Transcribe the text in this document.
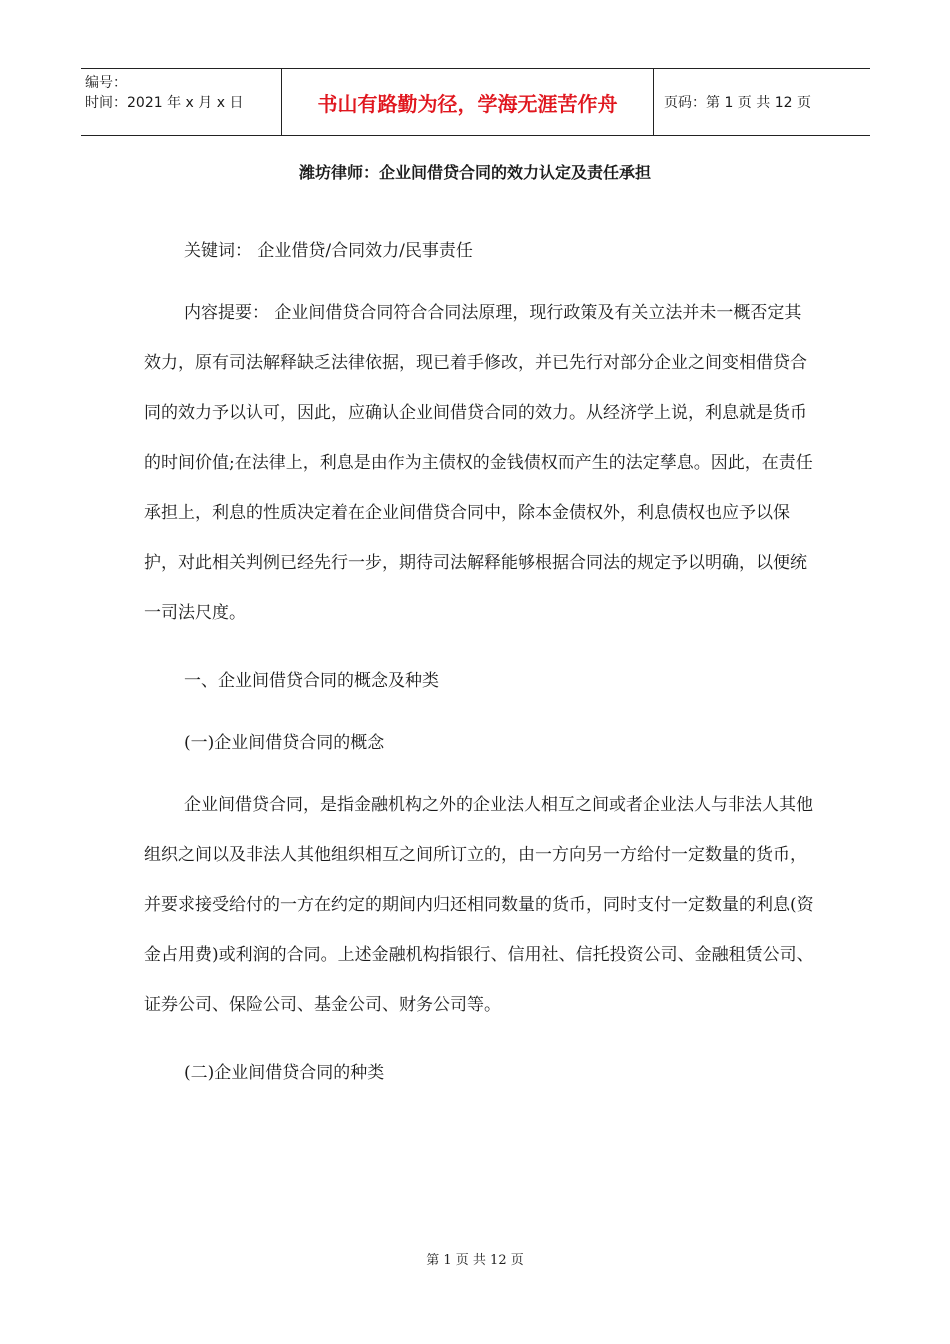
编号：
时间：2021 年 x 月 x 日	书山有路勤为径，学海无涯苦作舟	页码：第 1 页 共 12 页
潍坊律师：企业间借贷合同的效力认定及责任承担

关键词： 企业借贷/合同效力/民事责任

内容提要： 企业间借贷合同符合合同法原理，现行政策及有关立法并未一概否定其效力，原有司法解释缺乏法律依据，现已着手修改，并已先行对部分企业之间变相借贷合同的效力予以认可，因此，应确认企业间借贷合同的效力。从经济学上说，利息就是货币的时间价值;在法律上，利息是由作为主债权的金钱债权而产生的法定孳息。因此，在责任承担上，利息的性质决定着在企业间借贷合同中，除本金债权外，利息债权也应予以保护，对此相关判例已经先行一步，期待司法解释能够根据合同法的规定予以明确，以便统一司法尺度。

一、企业间借贷合同的概念及种类

(一)企业间借贷合同的概念

企业间借贷合同，是指金融机构之外的企业法人相互之间或者企业法人与非法人其他组织之间以及非法人其他组织相互之间所订立的，由一方向另一方给付一定数量的货币，并要求接受给付的一方在约定的期间内归还相同数量的货币，同时支付一定数量的利息(资金占用费)或利润的合同。上述金融机构指银行、信用社、信托投资公司、金融租赁公司、证券公司、保险公司、基金公司、财务公司等。

(二)企业间借贷合同的种类

第 1 页 共 12 页
